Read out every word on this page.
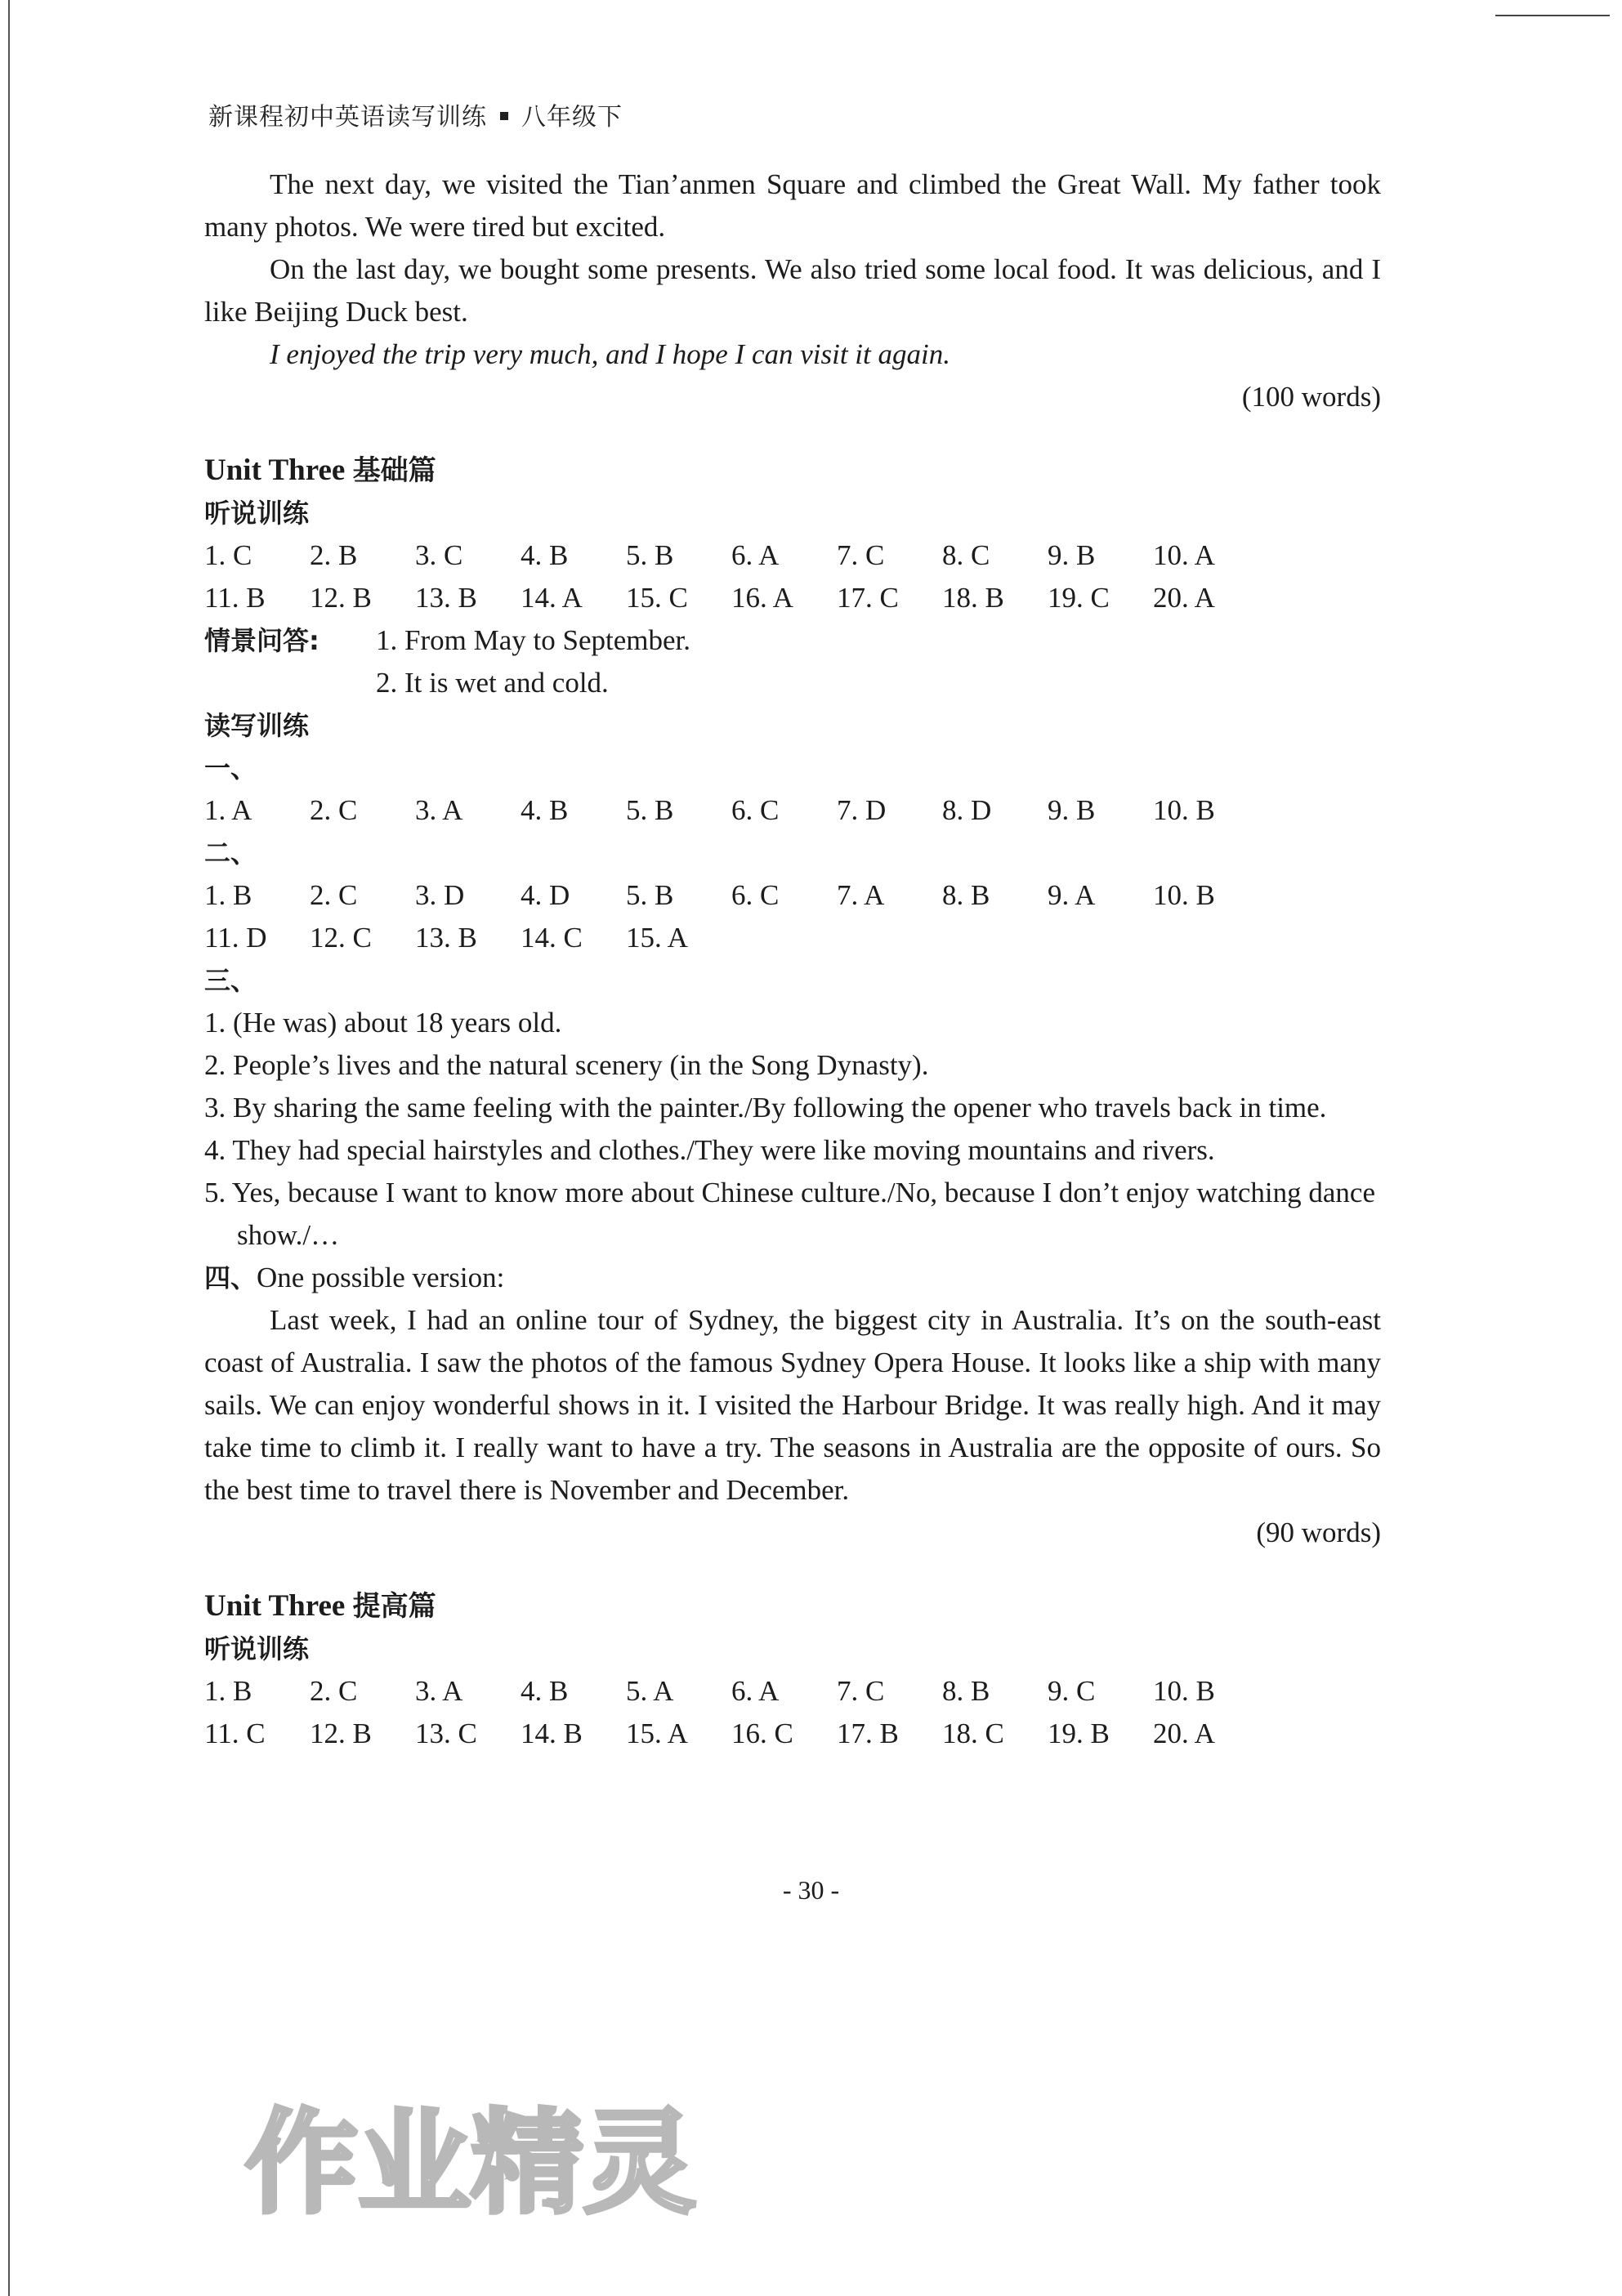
新课程初中英语读写训练 八年级下

The next day, we visited the Tian’anmen Square and climbed the Great Wall. My father took many photos. We were tired but excited.

On the last day, we bought some presents. We also tried some local food. It was delicious, and I like Beijing Duck best.

I enjoyed the trip very much, and I hope I can visit it again.

(100 words)

Unit Three 基础篇
听说训练
1. C	2. B	3. C	4. B	5. B	6. A	7. C	8. C	9. B	10. A
11. B	12. B	13. B	14. A	15. C	16. A	17. C	18. B	19. C	20. A
情景问答:	1. From May to September.
2. It is wet and cold.
读写训练
一、
1. A	2. C	3. A	4. B	5. B	6. C	7. D	8. D	9. B	10. B
二、
1. B	2. C	3. D	4. D	5. B	6. C	7. A	8. B	9. A	10. B
11. D	12. C	13. B	14. C	15. A
三、

1. (He was) about 18 years old.

2. People’s lives and the natural scenery (in the Song Dynasty).

3. By sharing the same feeling with the painter./By following the opener who travels back in time.

4. They had special hairstyles and clothes./They were like moving mountains and rivers.

5. Yes, because I want to know more about Chinese culture./No, because I don’t enjoy watching dance show./…

四、One possible version:

Last week, I had an online tour of Sydney, the biggest city in Australia. It’s on the south-east coast of Australia. I saw the photos of the famous Sydney Opera House. It looks like a ship with many sails. We can enjoy wonderful shows in it. I visited the Harbour Bridge. It was really high. And it may take time to climb it. I really want to have a try. The seasons in Australia are the opposite of ours. So the best time to travel there is November and December.

(90 words)

Unit Three 提高篇
听说训练
1. B	2. C	3. A	4. B	5. A	6. A	7. C	8. B	9. C	10. B
11. C	12. B	13. C	14. B	15. A	16. C	17. B	18. C	19. B	20. A
- 30 -
作业精灵
